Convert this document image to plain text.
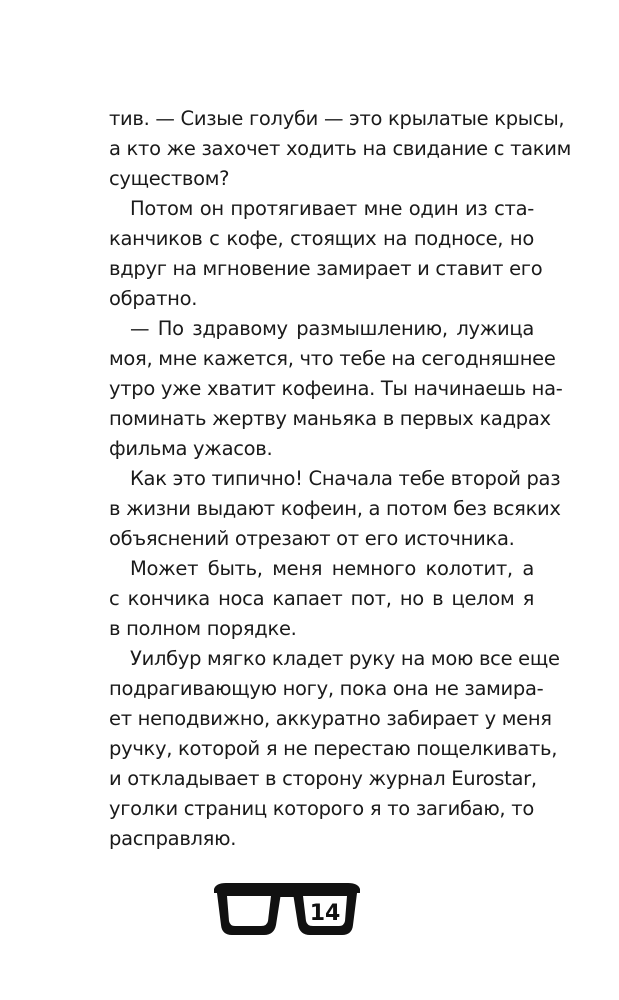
тив. — Сизые голуби — это крылатые крысы,
а кто же захочет ходить на свидание с таким
существом?
Потом он протягивает мне один из ста-
канчиков с кофе, стоящих на подносе, но
вдруг на мгновение замирает и ставит его
обратно.
— По здравому размышлению, лужица
моя, мне кажется, что тебе на сегодняшнее
утро уже хватит кофеина. Ты начинаешь на-
поминать жертву маньяка в первых кадрах
фильма ужасов.
Как это типично! Сначала тебе второй раз
в жизни выдают кофеин, а потом без всяких
объяснений отрезают от его источника.
Может быть, меня немного колотит, а
с кончика носа капает пот, но в целом я
в полном порядке.
Уилбур мягко кладет руку на мою все еще
подрагивающую ногу, пока она не замира-
ет неподвижно, аккуратно забирает у меня
ручку, которой я не перестаю пощелкивать,
и откладывает в сторону журнал Eurostar,
уголки страниц которого я то загибаю, то
расправляю.
14
